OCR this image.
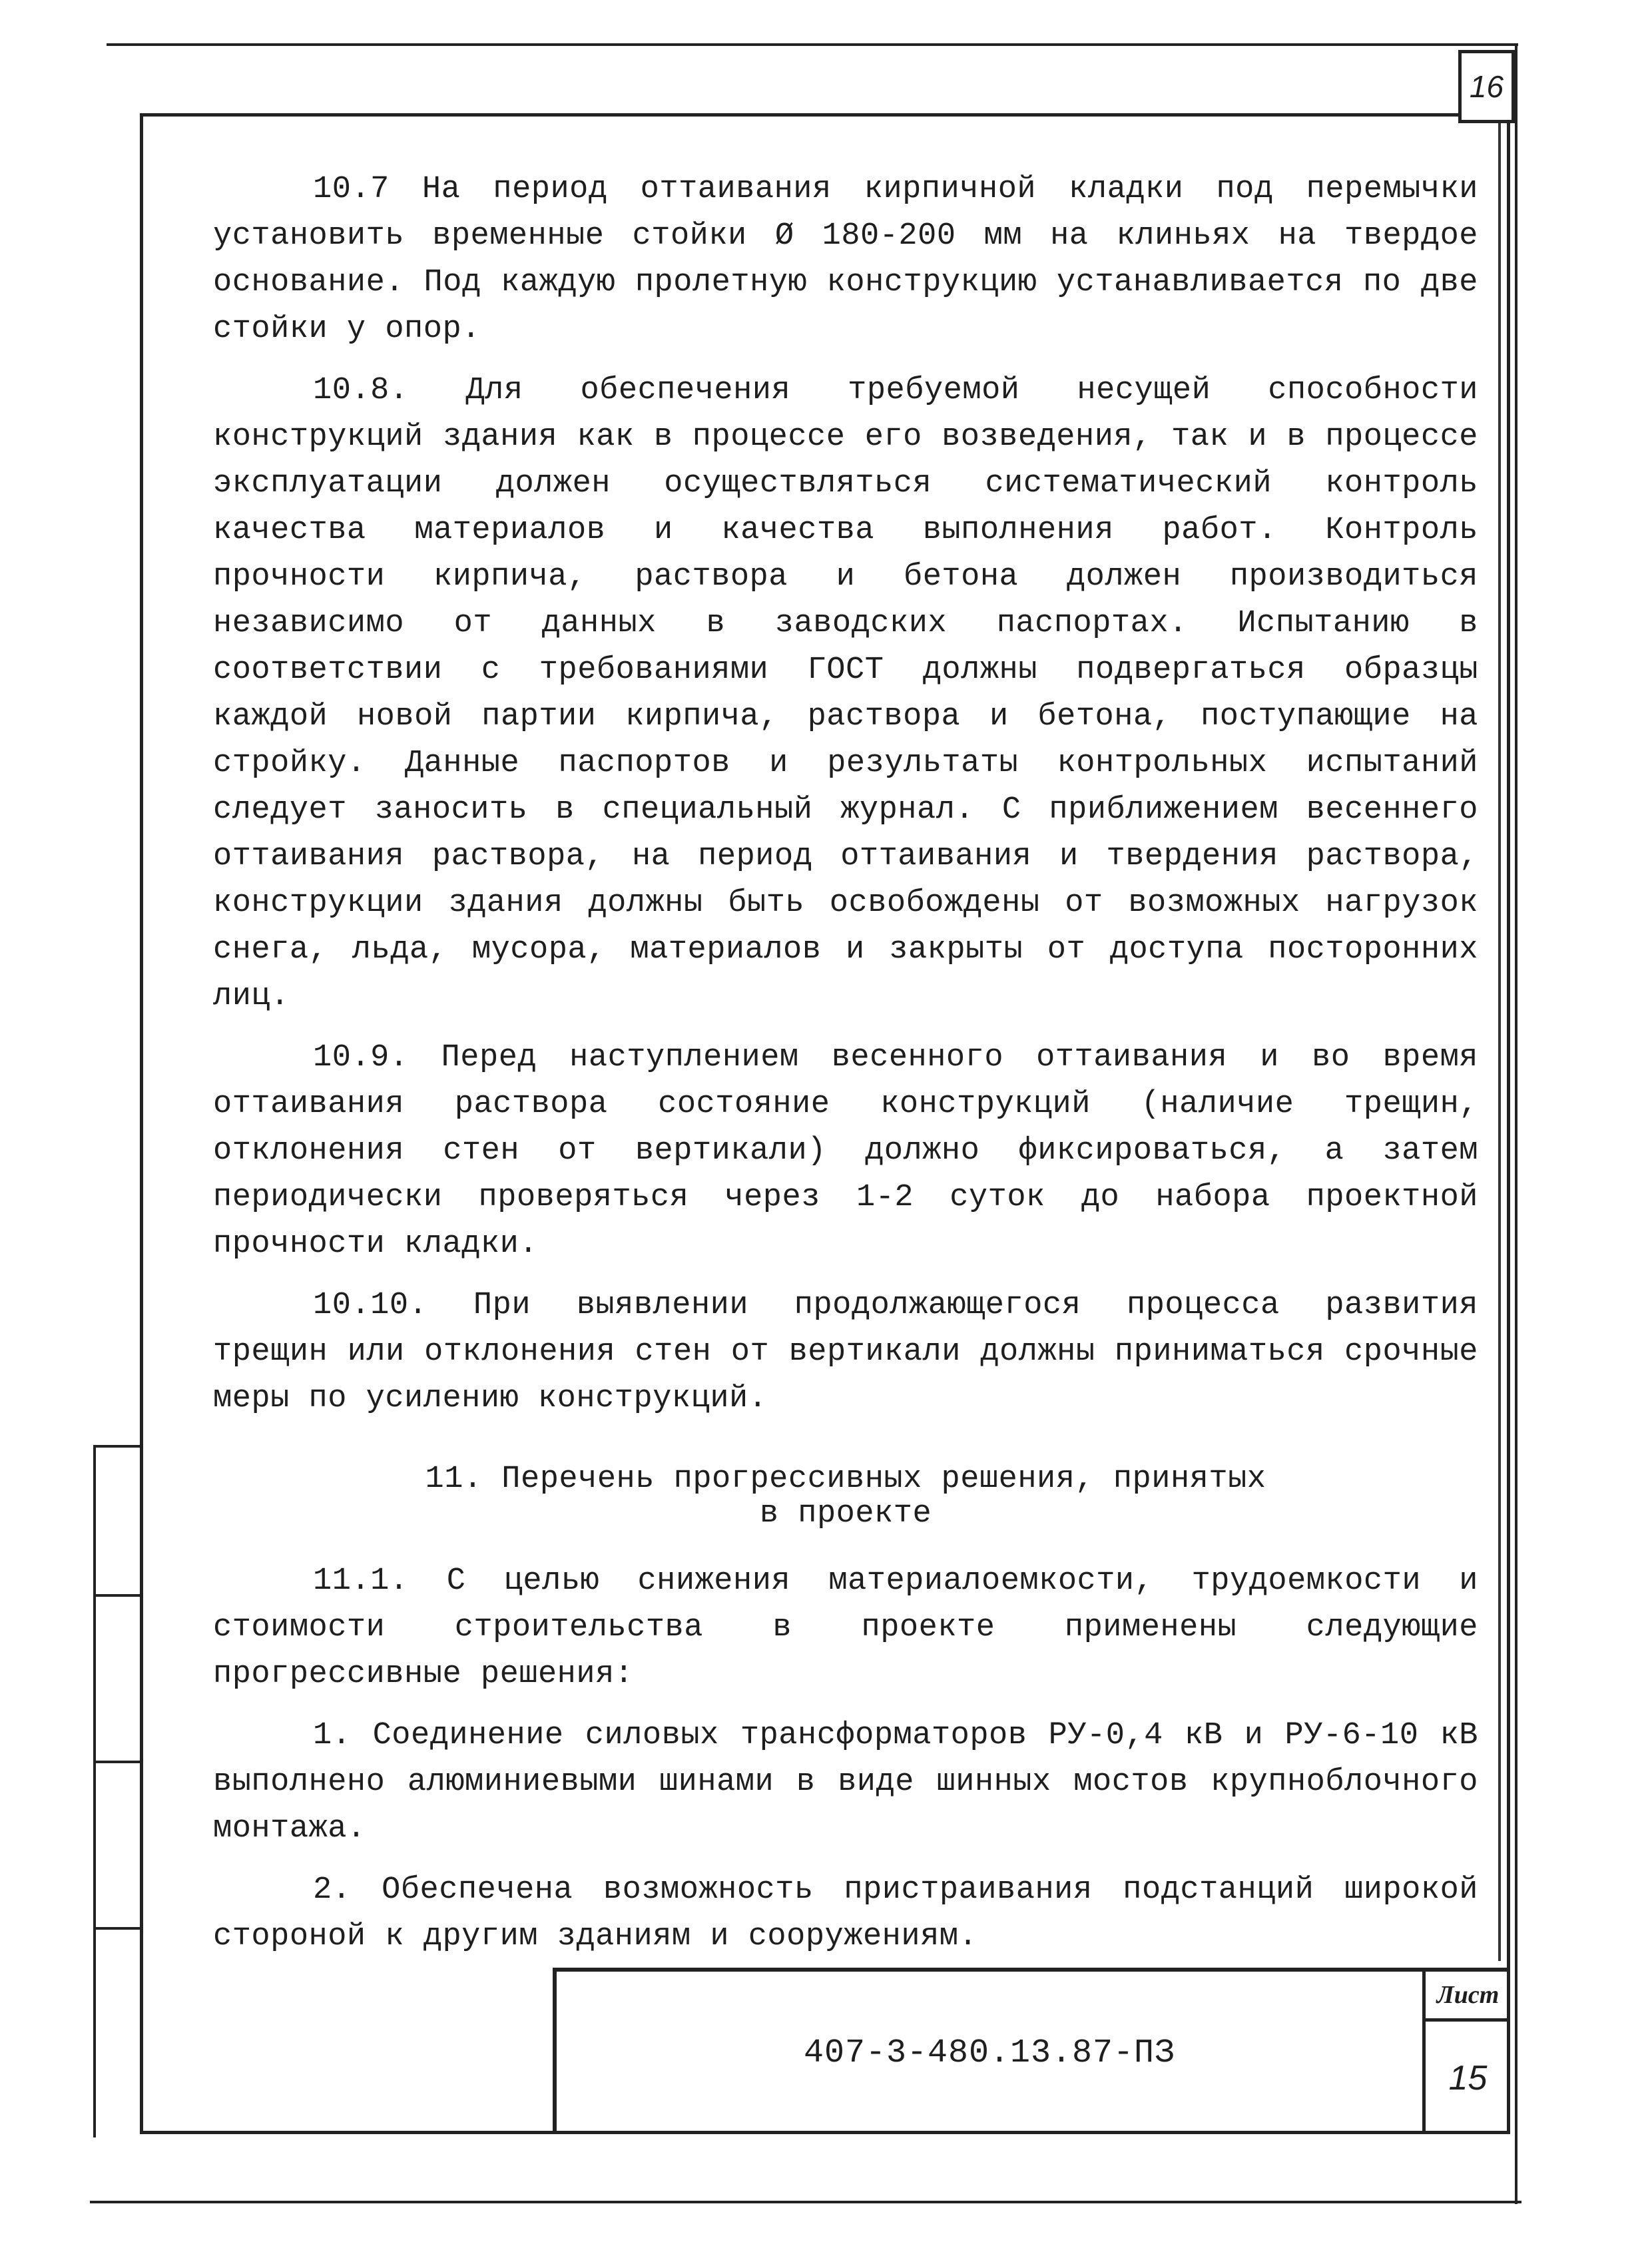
16

10.7 На период оттаивания кирпичной кладки под перемычки установить временные стойки Ø 180-200 мм на клиньях на твердое основание. Под каждую пролетную конструкцию устанавливается по две стойки у опор.

10.8. Для обеспечения требуемой несущей способности конструкций здания как в процессе его возведения, так и в процессе эксплуатации должен осуществляться систематический контроль качества материалов и качества выполнения работ. Контроль прочности кирпича, раствора и бетона должен производиться независимо от данных в заводских паспортах. Испытанию в соответствии с требованиями ГОСТ должны подвергаться образцы каждой новой партии кирпича, раствора и бетона, поступающие на стройку. Данные паспортов и результаты контрольных испытаний следует заносить в специальный журнал. С приближением весеннего оттаивания раствора, на период оттаивания и твердения раствора, конструкции здания должны быть освобождены от возможных нагрузок снега, льда, мусора, материалов и закрыты от доступа посторонних лиц.

10.9. Перед наступлением весенного оттаивания и во время оттаивания раствора состояние конструкций (наличие трещин, отклонения стен от вертикали) должно фиксироваться, а затем периодически проверяться через 1-2 суток до набора проектной прочности кладки.

10.10. При выявлении продолжающегося процесса развития трещин или отклонения стен от вертикали должны приниматься срочные меры по усилению конструкций.

11. Перечень прогрессивных решения, принятых
в проекте

11.1. С целью снижения материалоемкости, трудоемкости и стоимости строительства в проекте применены следующие прогрессивные решения:

1. Соединение силовых трансформаторов РУ-0,4 кВ и РУ-6-10 кВ выполнено алюминиевыми шинами в виде шинных мостов крупноблочного монтажа.

2. Обеспечена возможность пристраивания подстанций широкой стороной к другим зданиям и сооружениям.

407-3-480.13.87-ПЗ
Лист
15
